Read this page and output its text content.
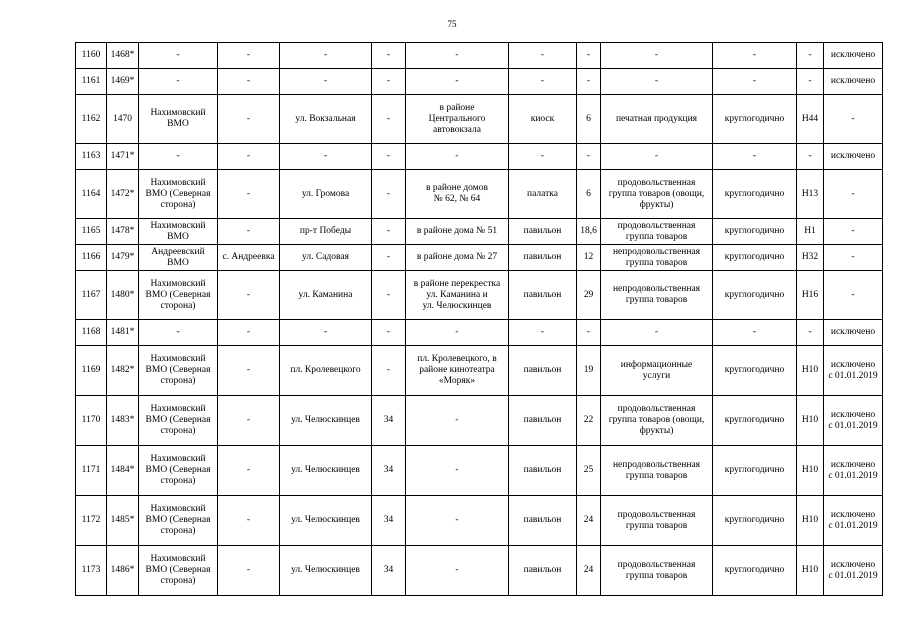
75
1160	1468*	-	-	-	-	-	-	-	-	-	-	исключено
1161	1469*	-	-	-	-	-	-	-	-	-	-	исключено
1162	1470	Нахимовский
ВМО	-	ул. Вокзальная	-	в районе
Центрального
автовокзала	киоск	6	печатная продукция	круглогодично	Н44	-
1163	1471*	-	-	-	-	-	-	-	-	-	-	исключено
1164	1472*	Нахимовский
ВМО (Северная
сторона)	-	ул. Громова	-	в районе домов
№ 62, № 64	палатка	6	продовольственная
группа товаров (овощи,
фрукты)	круглогодично	Н13	-
1165	1478*	Нахимовский
ВМО	-	пр-т Победы	-	в районе дома № 51	павильон	18,6	продовольственная
группа товаров	круглогодично	Н1	-
1166	1479*	Андреевский
ВМО	с. Андреевка	ул. Садовая	-	в районе дома № 27	павильон	12	непродовольственная
группа товаров	круглогодично	Н32	-
1167	1480*	Нахимовский
ВМО (Северная
сторона)	-	ул. Каманина	-	в районе перекрестка
ул. Каманина и
ул. Челюскинцев	павильон	29	непродовольственная
группа товаров	круглогодично	Н16	-
1168	1481*	-	-	-	-	-	-	-	-	-	-	исключено
1169	1482*	Нахимовский
ВМО (Северная
сторона)	-	пл. Кролевецкого	-	пл. Кролевецкого, в
районе кинотеатра
«Моряк»	павильон	19	информационные
услуги	круглогодично	Н10	исключено
с 01.01.2019
1170	1483*	Нахимовский
ВМО (Северная
сторона)	-	ул. Челюскинцев	34	-	павильон	22	продовольственная
группа товаров (овощи,
фрукты)	круглогодично	Н10	исключено
с 01.01.2019
1171	1484*	Нахимовский
ВМО (Северная
сторона)	-	ул. Челюскинцев	34	-	павильон	25	непродовольственная
группа товаров	круглогодично	Н10	исключено
с 01.01.2019
1172	1485*	Нахимовский
ВМО (Северная
сторона)	-	ул. Челюскинцев	34	-	павильон	24	продовольственная
группа товаров	круглогодично	Н10	исключено
с 01.01.2019
1173	1486*	Нахимовский
ВМО (Северная
сторона)	-	ул. Челюскинцев	34	-	павильон	24	продовольственная
группа товаров	круглогодично	Н10	исключено
с 01.01.2019
